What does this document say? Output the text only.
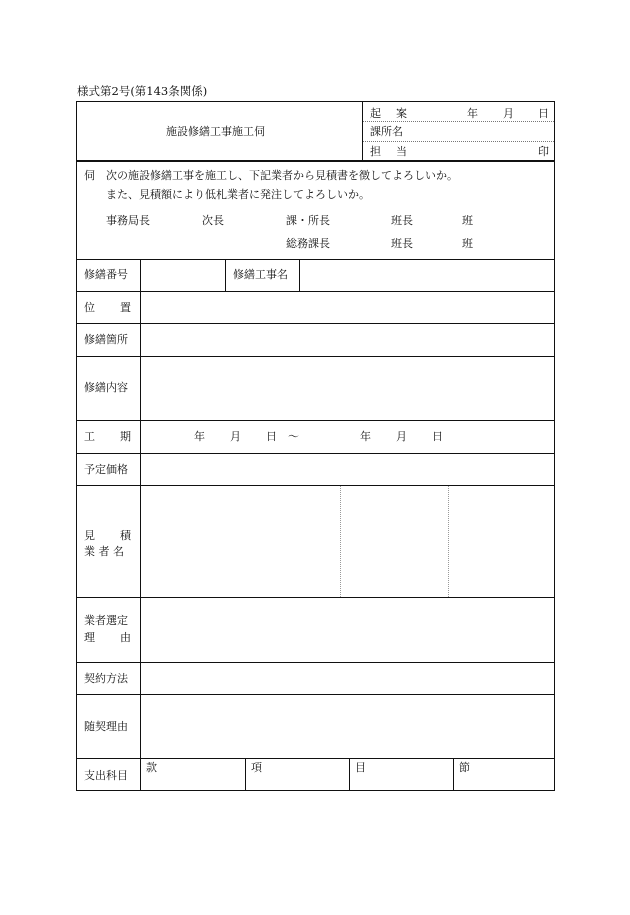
様式第2号(第143条関係)
施設修繕工事施工伺
起 案	年 月 日
課所名
担 当	印
伺 次の施設修繕工事を施工し、下記業者から見積書を徴してよろしいか。
また、見積額により低札業者に発注してよろしいか。
事務局長	次長	課・所長	班長	班
総務課長	班長	班
修繕番号	修繕工事名
位 置
修繕箇所
修繕内容
工 期	年 月 日 〜	年 月 日
予定価格
見 積
業 者 名
業者選定
理 由
契約方法
随契理由
支出科目
款	項	目	節
